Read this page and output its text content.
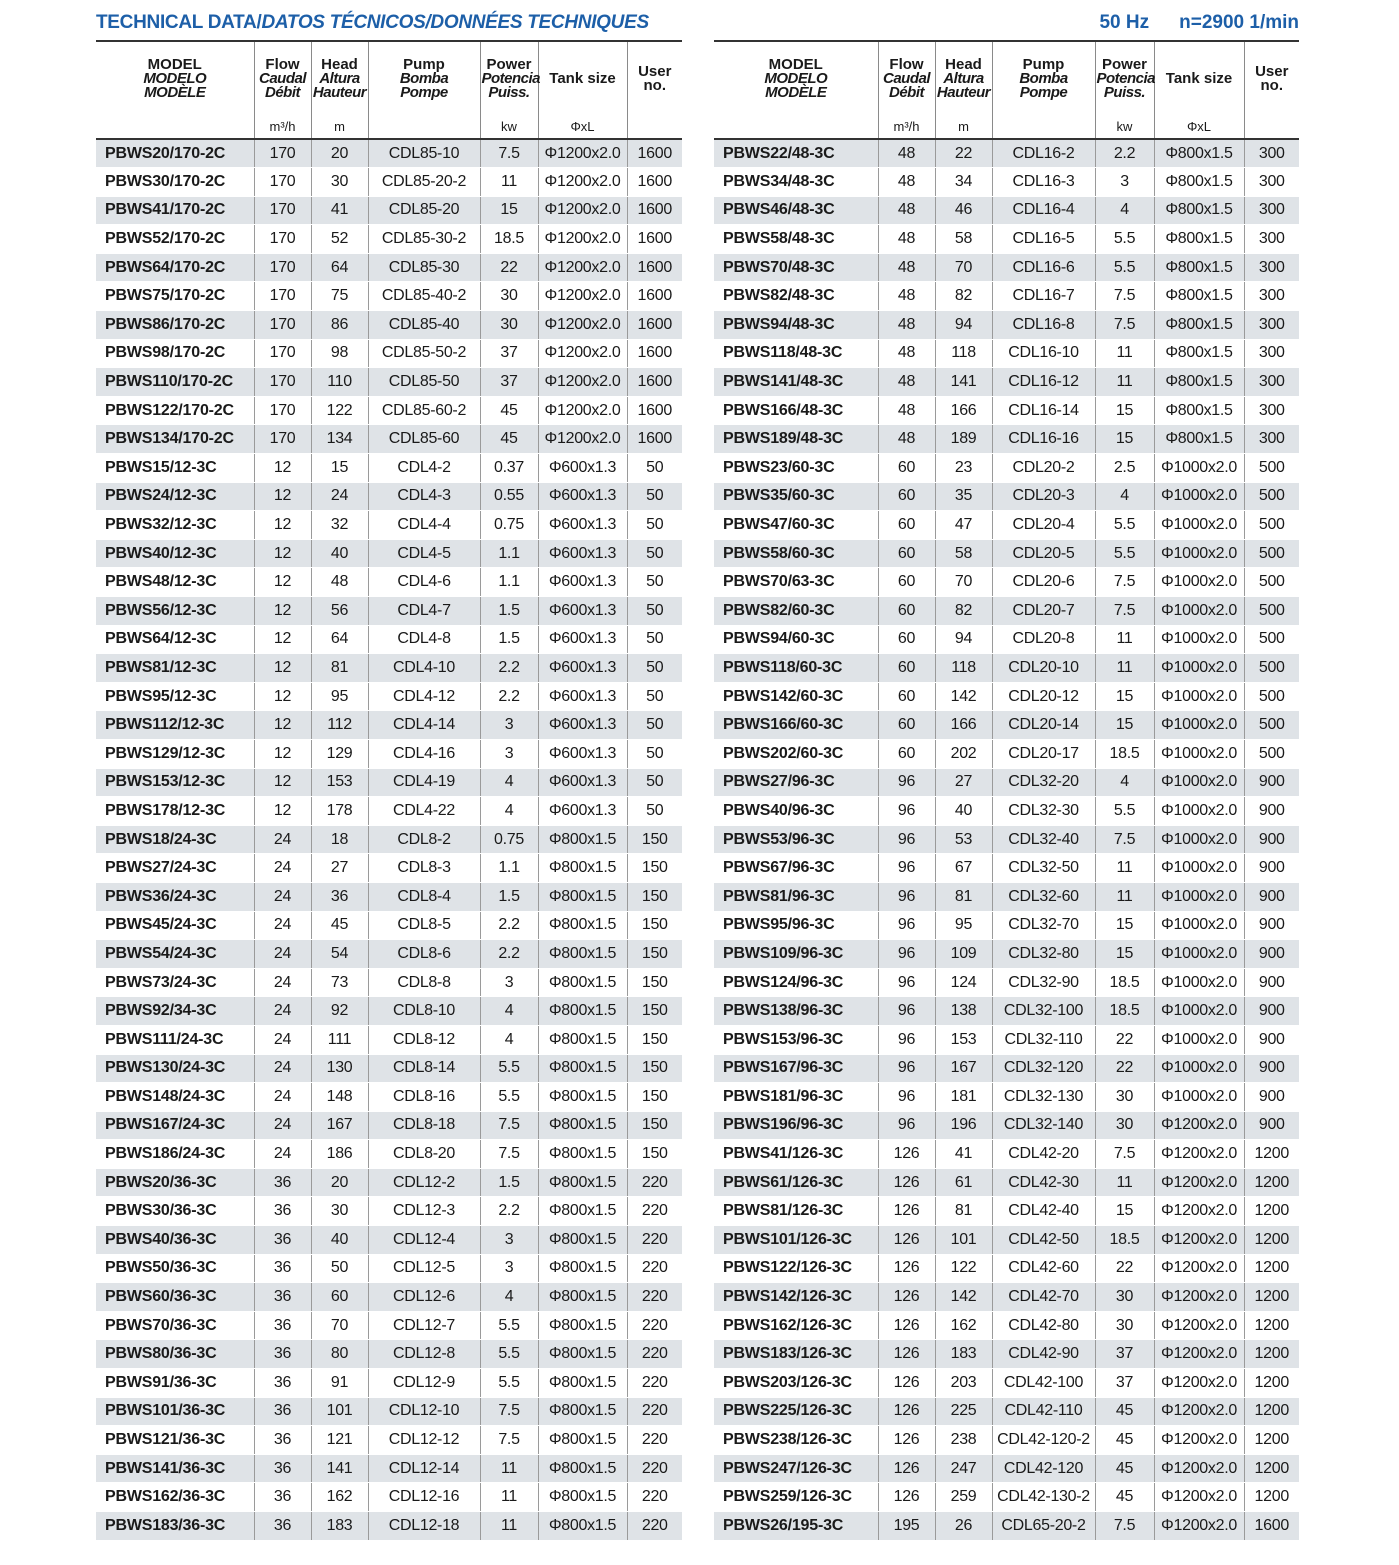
TECHNICAL DATA/DATOS TÉCNICOS/DONNÉES TECHNIQUES	50 Hz n=2900 1/min
MODEL
MODELO
MODÈLE	Flow
Caudal
Débit	Head
Altura
Hauteur	Pump
Bomba
Pompe	Power
Potencia
Puiss.	Tank size	User
no.

	m³/h	m		kw	ΦxL	
PBWS20/170-2C	170	20	CDL85-10	7.5	Φ1200x2.0	1600
PBWS30/170-2C	170	30	CDL85-20-2	11	Φ1200x2.0	1600
PBWS41/170-2C	170	41	CDL85-20	15	Φ1200x2.0	1600
PBWS52/170-2C	170	52	CDL85-30-2	18.5	Φ1200x2.0	1600
PBWS64/170-2C	170	64	CDL85-30	22	Φ1200x2.0	1600
PBWS75/170-2C	170	75	CDL85-40-2	30	Φ1200x2.0	1600
PBWS86/170-2C	170	86	CDL85-40	30	Φ1200x2.0	1600
PBWS98/170-2C	170	98	CDL85-50-2	37	Φ1200x2.0	1600
PBWS110/170-2C	170	110	CDL85-50	37	Φ1200x2.0	1600
PBWS122/170-2C	170	122	CDL85-60-2	45	Φ1200x2.0	1600
PBWS134/170-2C	170	134	CDL85-60	45	Φ1200x2.0	1600
PBWS15/12-3C	12	15	CDL4-2	0.37	Φ600x1.3	50
PBWS24/12-3C	12	24	CDL4-3	0.55	Φ600x1.3	50
PBWS32/12-3C	12	32	CDL4-4	0.75	Φ600x1.3	50
PBWS40/12-3C	12	40	CDL4-5	1.1	Φ600x1.3	50
PBWS48/12-3C	12	48	CDL4-6	1.1	Φ600x1.3	50
PBWS56/12-3C	12	56	CDL4-7	1.5	Φ600x1.3	50
PBWS64/12-3C	12	64	CDL4-8	1.5	Φ600x1.3	50
PBWS81/12-3C	12	81	CDL4-10	2.2	Φ600x1.3	50
PBWS95/12-3C	12	95	CDL4-12	2.2	Φ600x1.3	50
PBWS112/12-3C	12	112	CDL4-14	3	Φ600x1.3	50
PBWS129/12-3C	12	129	CDL4-16	3	Φ600x1.3	50
PBWS153/12-3C	12	153	CDL4-19	4	Φ600x1.3	50
PBWS178/12-3C	12	178	CDL4-22	4	Φ600x1.3	50
PBWS18/24-3C	24	18	CDL8-2	0.75	Φ800x1.5	150
PBWS27/24-3C	24	27	CDL8-3	1.1	Φ800x1.5	150
PBWS36/24-3C	24	36	CDL8-4	1.5	Φ800x1.5	150
PBWS45/24-3C	24	45	CDL8-5	2.2	Φ800x1.5	150
PBWS54/24-3C	24	54	CDL8-6	2.2	Φ800x1.5	150
PBWS73/24-3C	24	73	CDL8-8	3	Φ800x1.5	150
PBWS92/34-3C	24	92	CDL8-10	4	Φ800x1.5	150
PBWS111/24-3C	24	111	CDL8-12	4	Φ800x1.5	150
PBWS130/24-3C	24	130	CDL8-14	5.5	Φ800x1.5	150
PBWS148/24-3C	24	148	CDL8-16	5.5	Φ800x1.5	150
PBWS167/24-3C	24	167	CDL8-18	7.5	Φ800x1.5	150
PBWS186/24-3C	24	186	CDL8-20	7.5	Φ800x1.5	150
PBWS20/36-3C	36	20	CDL12-2	1.5	Φ800x1.5	220
PBWS30/36-3C	36	30	CDL12-3	2.2	Φ800x1.5	220
PBWS40/36-3C	36	40	CDL12-4	3	Φ800x1.5	220
PBWS50/36-3C	36	50	CDL12-5	3	Φ800x1.5	220
PBWS60/36-3C	36	60	CDL12-6	4	Φ800x1.5	220
PBWS70/36-3C	36	70	CDL12-7	5.5	Φ800x1.5	220
PBWS80/36-3C	36	80	CDL12-8	5.5	Φ800x1.5	220
PBWS91/36-3C	36	91	CDL12-9	5.5	Φ800x1.5	220
PBWS101/36-3C	36	101	CDL12-10	7.5	Φ800x1.5	220
PBWS121/36-3C	36	121	CDL12-12	7.5	Φ800x1.5	220
PBWS141/36-3C	36	141	CDL12-14	11	Φ800x1.5	220
PBWS162/36-3C	36	162	CDL12-16	11	Φ800x1.5	220
PBWS183/36-3C	36	183	CDL12-18	11	Φ800x1.5	220
MODEL
MODELO
MODÈLE	Flow
Caudal
Débit	Head
Altura
Hauteur	Pump
Bomba
Pompe	Power
Potencia
Puiss.	Tank size	User
no.

	m³/h	m		kw	ΦxL	
PBWS22/48-3C	48	22	CDL16-2	2.2	Φ800x1.5	300
PBWS34/48-3C	48	34	CDL16-3	3	Φ800x1.5	300
PBWS46/48-3C	48	46	CDL16-4	4	Φ800x1.5	300
PBWS58/48-3C	48	58	CDL16-5	5.5	Φ800x1.5	300
PBWS70/48-3C	48	70	CDL16-6	5.5	Φ800x1.5	300
PBWS82/48-3C	48	82	CDL16-7	7.5	Φ800x1.5	300
PBWS94/48-3C	48	94	CDL16-8	7.5	Φ800x1.5	300
PBWS118/48-3C	48	118	CDL16-10	11	Φ800x1.5	300
PBWS141/48-3C	48	141	CDL16-12	11	Φ800x1.5	300
PBWS166/48-3C	48	166	CDL16-14	15	Φ800x1.5	300
PBWS189/48-3C	48	189	CDL16-16	15	Φ800x1.5	300
PBWS23/60-3C	60	23	CDL20-2	2.5	Φ1000x2.0	500
PBWS35/60-3C	60	35	CDL20-3	4	Φ1000x2.0	500
PBWS47/60-3C	60	47	CDL20-4	5.5	Φ1000x2.0	500
PBWS58/60-3C	60	58	CDL20-5	5.5	Φ1000x2.0	500
PBWS70/63-3C	60	70	CDL20-6	7.5	Φ1000x2.0	500
PBWS82/60-3C	60	82	CDL20-7	7.5	Φ1000x2.0	500
PBWS94/60-3C	60	94	CDL20-8	11	Φ1000x2.0	500
PBWS118/60-3C	60	118	CDL20-10	11	Φ1000x2.0	500
PBWS142/60-3C	60	142	CDL20-12	15	Φ1000x2.0	500
PBWS166/60-3C	60	166	CDL20-14	15	Φ1000x2.0	500
PBWS202/60-3C	60	202	CDL20-17	18.5	Φ1000x2.0	500
PBWS27/96-3C	96	27	CDL32-20	4	Φ1000x2.0	900
PBWS40/96-3C	96	40	CDL32-30	5.5	Φ1000x2.0	900
PBWS53/96-3C	96	53	CDL32-40	7.5	Φ1000x2.0	900
PBWS67/96-3C	96	67	CDL32-50	11	Φ1000x2.0	900
PBWS81/96-3C	96	81	CDL32-60	11	Φ1000x2.0	900
PBWS95/96-3C	96	95	CDL32-70	15	Φ1000x2.0	900
PBWS109/96-3C	96	109	CDL32-80	15	Φ1000x2.0	900
PBWS124/96-3C	96	124	CDL32-90	18.5	Φ1000x2.0	900
PBWS138/96-3C	96	138	CDL32-100	18.5	Φ1000x2.0	900
PBWS153/96-3C	96	153	CDL32-110	22	Φ1000x2.0	900
PBWS167/96-3C	96	167	CDL32-120	22	Φ1000x2.0	900
PBWS181/96-3C	96	181	CDL32-130	30	Φ1000x2.0	900
PBWS196/96-3C	96	196	CDL32-140	30	Φ1200x2.0	900
PBWS41/126-3C	126	41	CDL42-20	7.5	Φ1200x2.0	1200
PBWS61/126-3C	126	61	CDL42-30	11	Φ1200x2.0	1200
PBWS81/126-3C	126	81	CDL42-40	15	Φ1200x2.0	1200
PBWS101/126-3C	126	101	CDL42-50	18.5	Φ1200x2.0	1200
PBWS122/126-3C	126	122	CDL42-60	22	Φ1200x2.0	1200
PBWS142/126-3C	126	142	CDL42-70	30	Φ1200x2.0	1200
PBWS162/126-3C	126	162	CDL42-80	30	Φ1200x2.0	1200
PBWS183/126-3C	126	183	CDL42-90	37	Φ1200x2.0	1200
PBWS203/126-3C	126	203	CDL42-100	37	Φ1200x2.0	1200
PBWS225/126-3C	126	225	CDL42-110	45	Φ1200x2.0	1200
PBWS238/126-3C	126	238	CDL42-120-2	45	Φ1200x2.0	1200
PBWS247/126-3C	126	247	CDL42-120	45	Φ1200x2.0	1200
PBWS259/126-3C	126	259	CDL42-130-2	45	Φ1200x2.0	1200
PBWS26/195-3C	195	26	CDL65-20-2	7.5	Φ1200x2.0	1600
